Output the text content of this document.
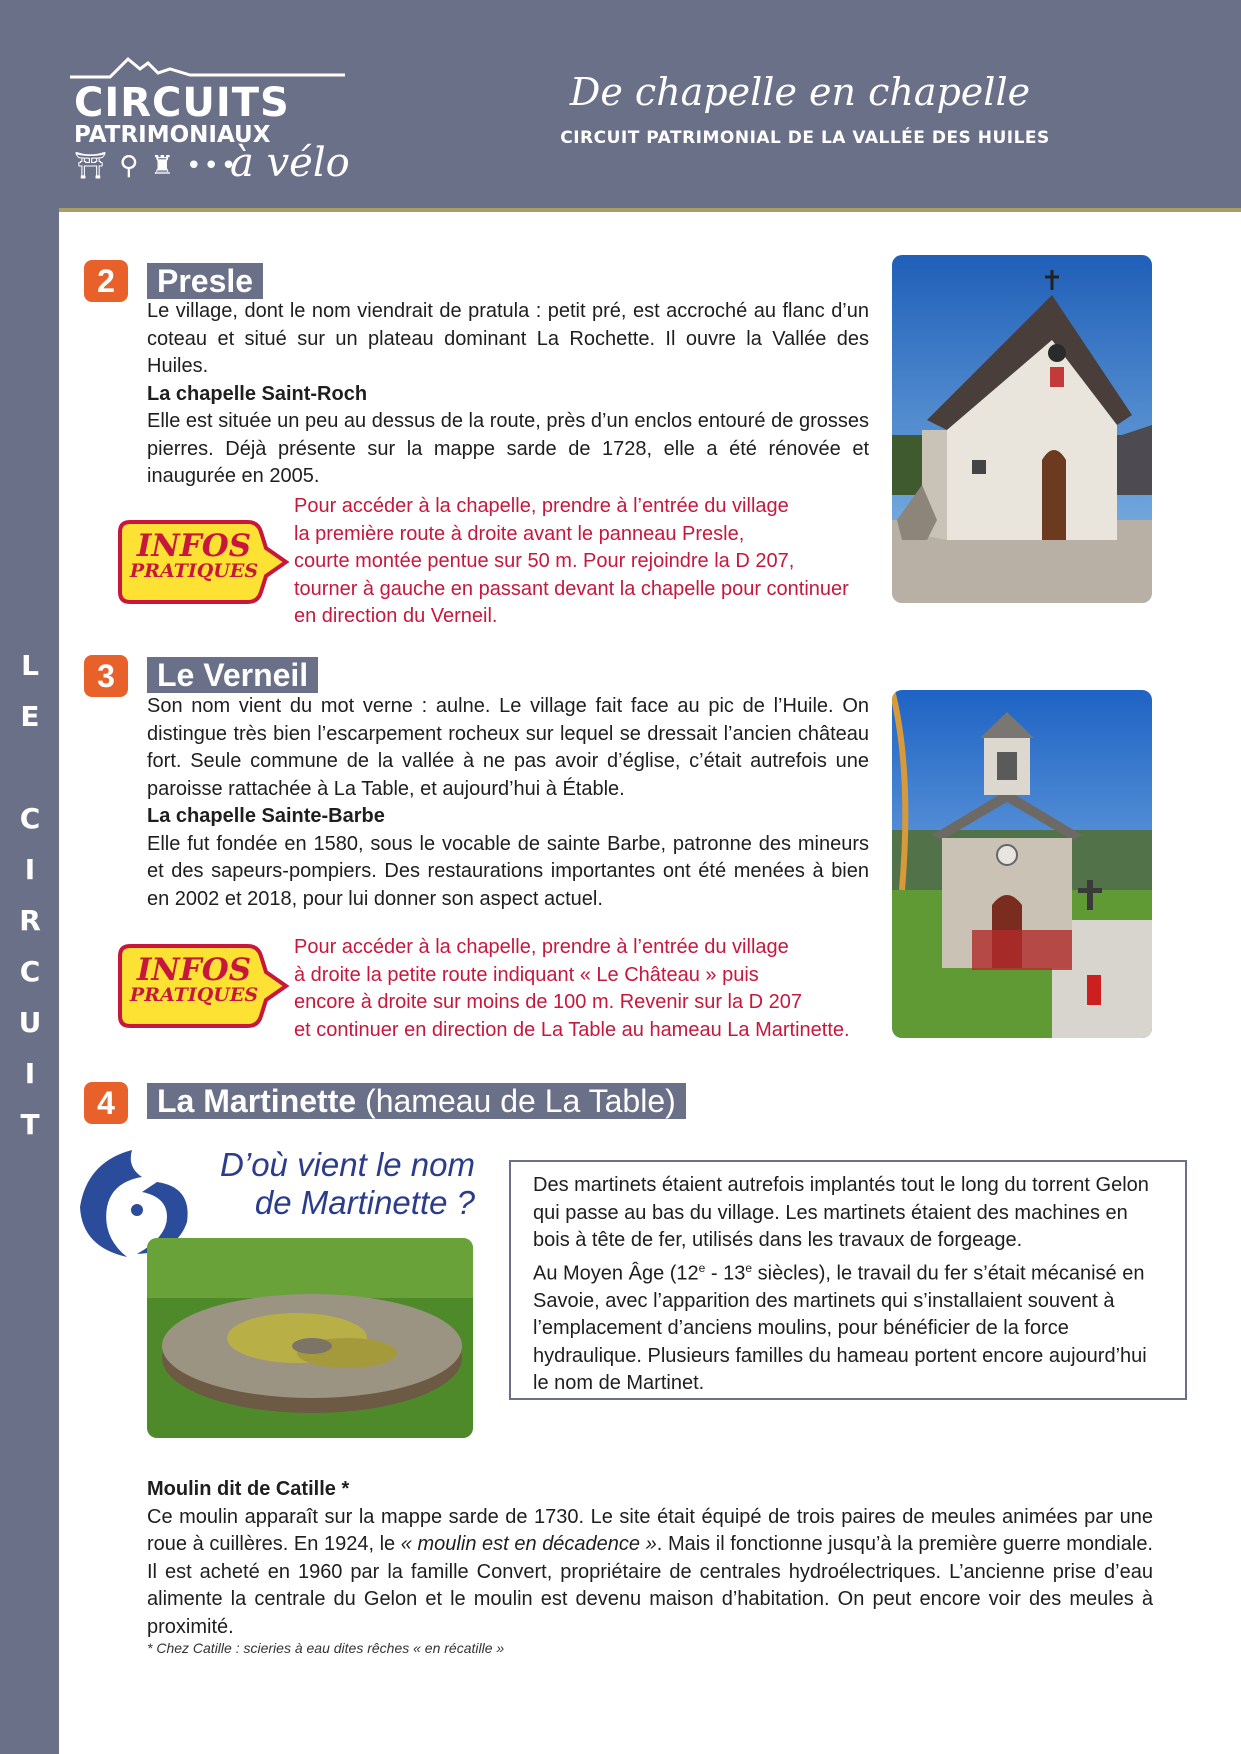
L
E

C
I
R
C
U
I
T
CIRCUITS
PATRIMONIAUX
⛩ ⚲ ♜ •••
à vélo
De chapelle en chapelle
CIRCUIT PATRIMONIAL DE LA VALLÉE DES HUILES
2	Presle

Le village, dont le nom viendrait de pratula : petit pré, est accroché au flanc d’un coteau et situé sur un plateau dominant La Rochette. Il ouvre la Vallée des Huiles.

La chapelle Saint-Roch

Elle est située un peu au dessus de la route, près d’un enclos entouré de grosses pierres. Déjà présente sur la mappe sarde de 1728, elle a été rénovée et inaugurée en 2005.

INFOS
PRATIQUES
Pour accéder à la chapelle, prendre à l’entrée du village
la première route à droite avant le panneau Presle,
courte montée pentue sur 50 m. Pour rejoindre la D 207,
tourner à gauche en passant devant la chapelle pour continuer
en direction du Verneil.
3	Le Verneil

Son nom vient du mot verne : aulne. Le village fait face au pic de l’Huile. On distingue très bien l’escarpement rocheux sur lequel se dressait l’ancien château fort. Seule commune de la vallée à ne pas avoir d’église, c’était autrefois une paroisse rattachée à La Table, et aujourd’hui à Étable.

La chapelle Sainte-Barbe

Elle fut fondée en 1580, sous le vocable de sainte Barbe, patronne des mineurs et des sapeurs-pompiers. Des restaurations importantes ont été menées à bien en 2002 et 2018, pour lui donner son aspect actuel.

INFOS
PRATIQUES
Pour accéder à la chapelle, prendre à l’entrée du village
à droite la petite route indiquant « Le Château » puis
encore à droite sur moins de 100 m. Revenir sur la D 207
et continuer en direction de La Table au hameau La Martinette.
4	La Martinette (hameau de La Table)
D’où vient le nom de Martinette ?	Des martinets étaient autrefois implantés tout le long du torrent Gelon qui passe au bas du village. Les martinets étaient des machines en bois à tête de fer, utilisés dans les travaux de forgeage.
Au Moyen Âge (12e - 13e siècles), le travail du fer s’était mécanisé en Savoie, avec l’apparition des martinets qui s’installaient souvent à l’emplacement d’anciens moulins, pour bénéficier de la force hydraulique. Plusieurs familles du hameau portent encore aujourd’hui le nom de Martinet.

Moulin dit de Catille *

Ce moulin apparaît sur la mappe sarde de 1730. Le site était équipé de trois paires de meules animées par une roue à cuillères. En 1924, le « moulin est en décadence ». Mais il fonctionne jusqu’à la première guerre mondiale. Il est acheté en 1960 par la famille Convert, propriétaire de centrales hydroélectriques. L’ancienne prise d’eau alimente la centrale du Gelon et le moulin est devenu maison d’habitation. On peut encore voir des meules à proximité.

* Chez Catille : scieries à eau dites rêches « en récatille »
